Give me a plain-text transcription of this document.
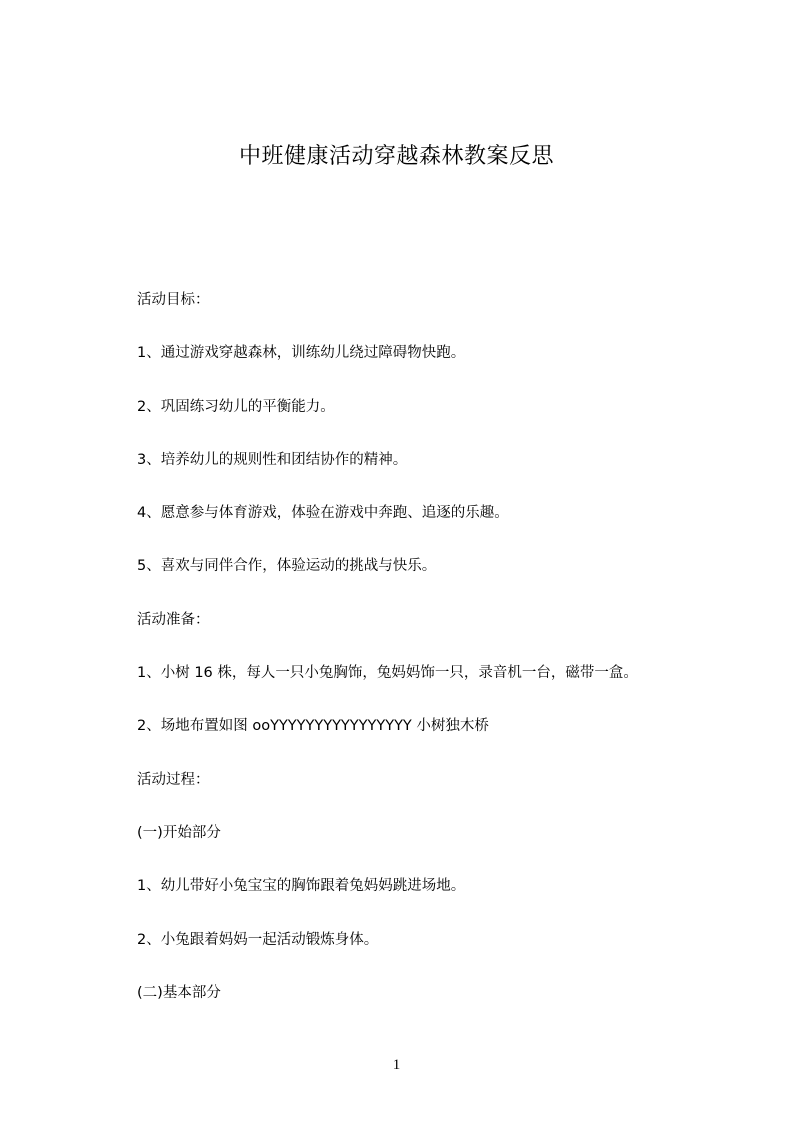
中班健康活动穿越森林教案反思
活动目标：
1、通过游戏穿越森林，训练幼儿绕过障碍物快跑。
2、巩固练习幼儿的平衡能力。
3、培养幼儿的规则性和团结协作的精神。
4、愿意参与体育游戏，体验在游戏中奔跑、追逐的乐趣。
5、喜欢与同伴合作，体验运动的挑战与快乐。
活动准备：
1、小树 16 株，每人一只小兔胸饰，兔妈妈饰一只，录音机一台，磁带一盒。
2、场地布置如图 ooYYYYYYYYYYYYYYYY 小树独木桥
活动过程：
(一)开始部分
1、幼儿带好小兔宝宝的胸饰跟着兔妈妈跳进场地。
2、小兔跟着妈妈一起活动锻炼身体。
(二)基本部分
1
